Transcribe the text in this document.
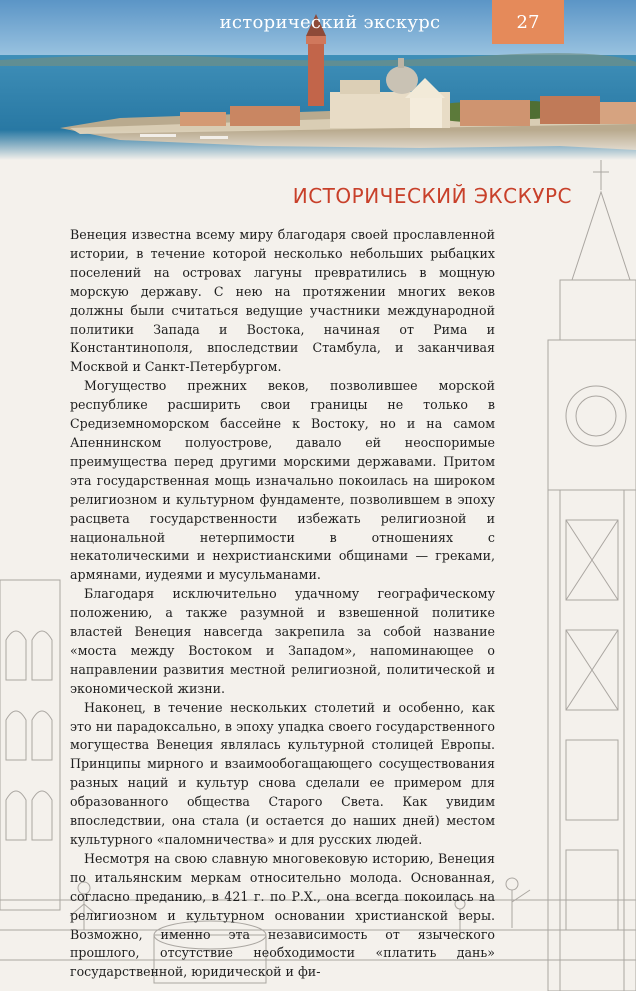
исторический экскурс	27
ИСТОРИЧЕСКИЙ ЭКСКУРС

Венеция известна всему миру благодаря своей прославленной истории, в течение которой несколько небольших рыбацких поселений на островах лагуны превратились в мощную морскую державу. С нею на протяжении многих веков должны были считаться ведущие участники международной политики Запада и Востока, начиная от Рима и Константинополя, впоследствии Стамбула, и заканчивая Москвой и Санкт-Петербургом.

Могущество прежних веков, позволившее морской республике расширить свои границы не только в Средиземноморском бассейне к Востоку, но и на самом Апеннинском полуострове, давало ей неоспоримые преимущества перед другими морскими державами. Притом эта государственная мощь изначально покоилась на широком религиозном и культурном фундаменте, позволившем в эпоху расцвета государственности избежать религиозной и национальной нетерпимости в отношениях с некатолическими и нехристианскими общинами — греками, армянами, иудеями и мусульманами.

Благодаря исключительно удачному географическому положению, а также разумной и взвешенной политике властей Венеция навсегда закрепила за собой название «моста между Востоком и Западом», напоминающее о направлении развития местной религиозной, политической и экономической жизни.

Наконец, в течение нескольких столетий и особенно, как это ни парадоксально, в эпоху упадка своего государственного могущества Венеция являлась культурной столицей Европы. Принципы мирного и взаимообогащающего сосуществования разных наций и культур снова сделали ее примером для образованного общества Старого Света. Как увидим впоследствии, она стала (и остается до наших дней) местом культурного «паломничества» и для русских людей.

Несмотря на свою славную многовековую историю, Венеция по итальянским меркам относительно молода. Основанная, согласно преданию, в 421 г. по Р.Х., она всегда покоилась на религиозном и культурном основании христианской веры. Возможно, именно эта независимость от языческого прошлого, отсутствие необходимости «платить дань» государственной, юридической и фи-
